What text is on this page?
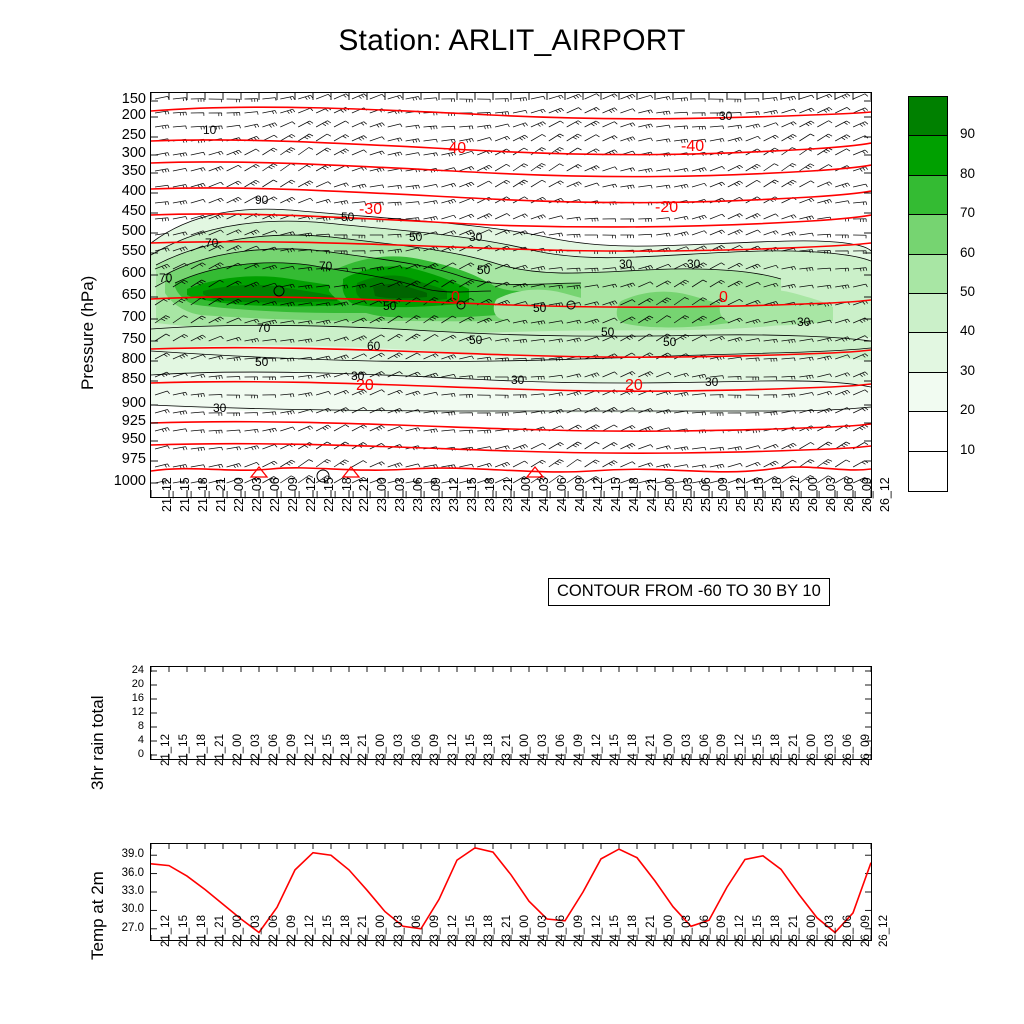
Station: ARLIT_AIRPORT
Pressure (hPa)
150
200
250
300
350
400
450
500
550
600
650
700
750
800
850
900
925
950
975
1000
-40	-40
-30	-20
0	0
20	20
10
30
90
70
50
70
70
50	30
50	30	30
70
60	50
50
50
50
50
50
30	30	30
30
30
21_12 21_15 21_18 21_21 22_00 22_03 22_06 22_09 22_12 22_15 22_18 22_21 23_00 23_03 23_06 23_09 23_12 23_15 23_18 23_21 24_00 24_03 24_06 24_09 24_12 24_15 24_18 24_21 25_00 25_03 25_06 25_09 25_12 25_15 25_18 25_21 26_00 26_03 26_06 26_09 26_12
90
80
70
60
50
40
30
20
10
CONTOUR FROM -60 TO 30 BY 10
3hr rain total	0
4
8
12
16
20
24
21_12 21_15 21_18 21_21 22_00 22_03 22_06 22_09 22_12 22_15 22_18 22_21 23_00 23_03 23_06 23_09 23_12 23_15 23_18 23_21 24_00 24_03 24_06 24_09 24_12 24_15 24_18 24_21 25_00 25_03 25_06 25_09 25_12 25_15 25_18 25_21 26_00 26_03 26_06 26_09
Temp at 2m	27.0
30.0
33.0
36.0
39.0
21_12 21_15 21_18 21_21 22_00 22_03 22_06 22_09 22_12 22_15 22_18 22_21 23_00 23_03 23_06 23_09 23_12 23_15 23_18 23_21 24_00 24_03 24_06 24_09 24_12 24_15 24_18 24_21 25_00 25_03 25_06 25_09 25_12 25_15 25_18 25_21 26_00 26_03 26_06 26_09 26_12
